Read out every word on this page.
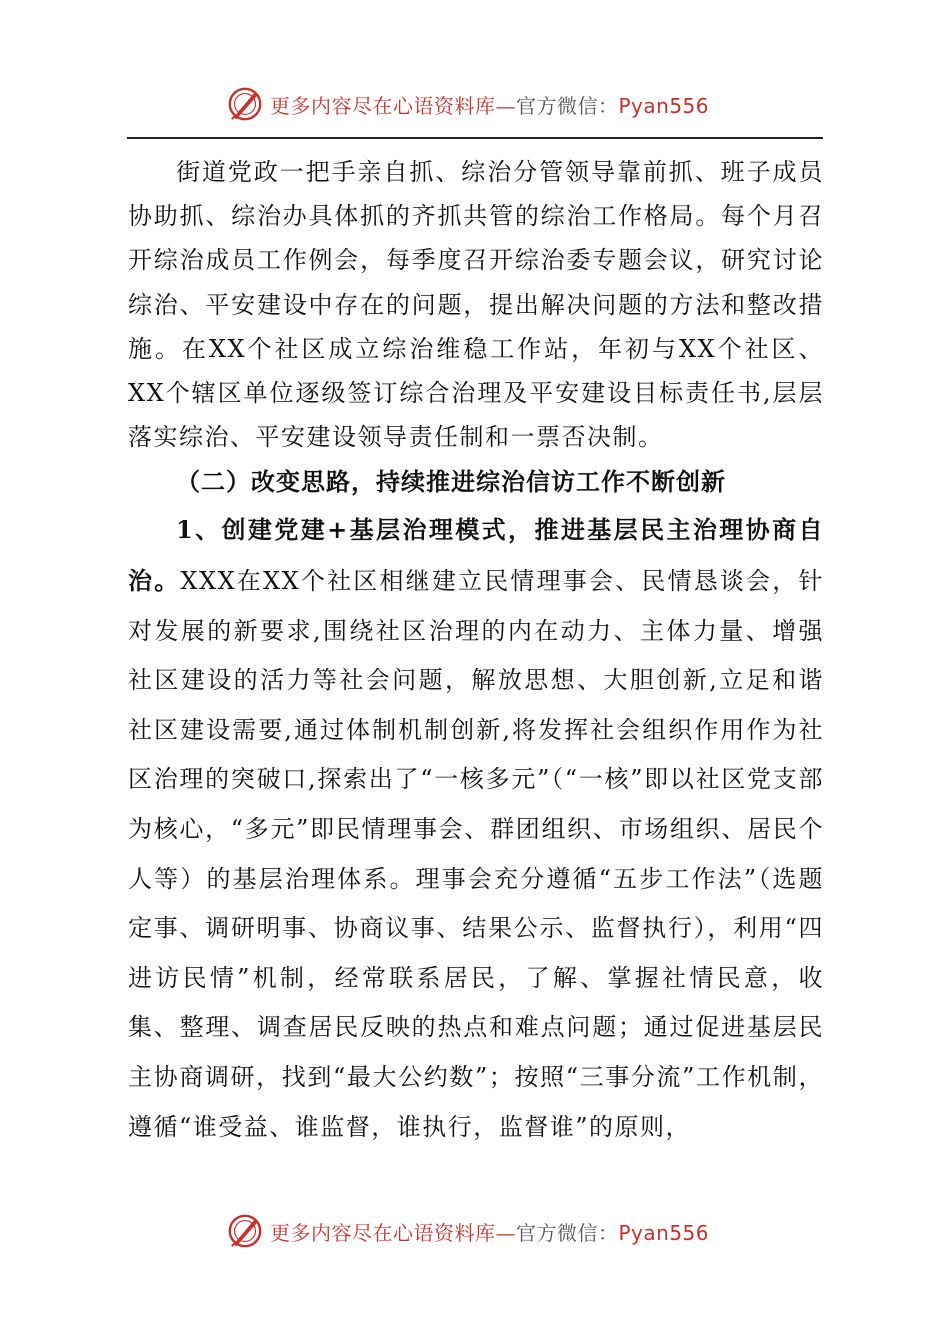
更多内容尽在心语资料库—官方微信：Pyan556

街道党政一把手亲自抓、综治分管领导靠前抓、班子成员协助抓、综治办具体抓的齐抓共管的综治工作格局。每个月召开综治成员工作例会，每季度召开综治委专题会议，研究讨论综治、平安建设中存在的问题，提出解决问题的方法和整改措施。在XX个社区成立综治维稳工作站，年初与XX个社区、XX个辖区单位逐级签订综合治理及平安建设目标责任书,层层落实综治、平安建设领导责任制和一票否决制。

（二）改变思路，持续推进综治信访工作不断创新

1、创建党建+基层治理模式，推进基层民主治理协商自治。XXX在XX个社区相继建立民情理事会、民情恳谈会，针对发展的新要求,围绕社区治理的内在动力、主体力量、增强社区建设的活力等社会问题，解放思想、大胆创新,立足和谐社区建设需要,通过体制机制创新,将发挥社会组织作用作为社区治理的突破口,探索出了“一核多元”（“一核”即以社区党支部为核心，“多元”即民情理事会、群团组织、市场组织、居民个人等）的基层治理体系。理事会充分遵循“五步工作法”（选题定事、调研明事、协商议事、结果公示、监督执行），利用“四进访民情”机制，经常联系居民，了解、掌握社情民意，收集、整理、调查居民反映的热点和难点问题；通过促进基层民主协商调研，找到“最大公约数”；按照“三事分流”工作机制，遵循“谁受益、谁监督，谁执行，监督谁”的原则，

更多内容尽在心语资料库—官方微信：Pyan556
